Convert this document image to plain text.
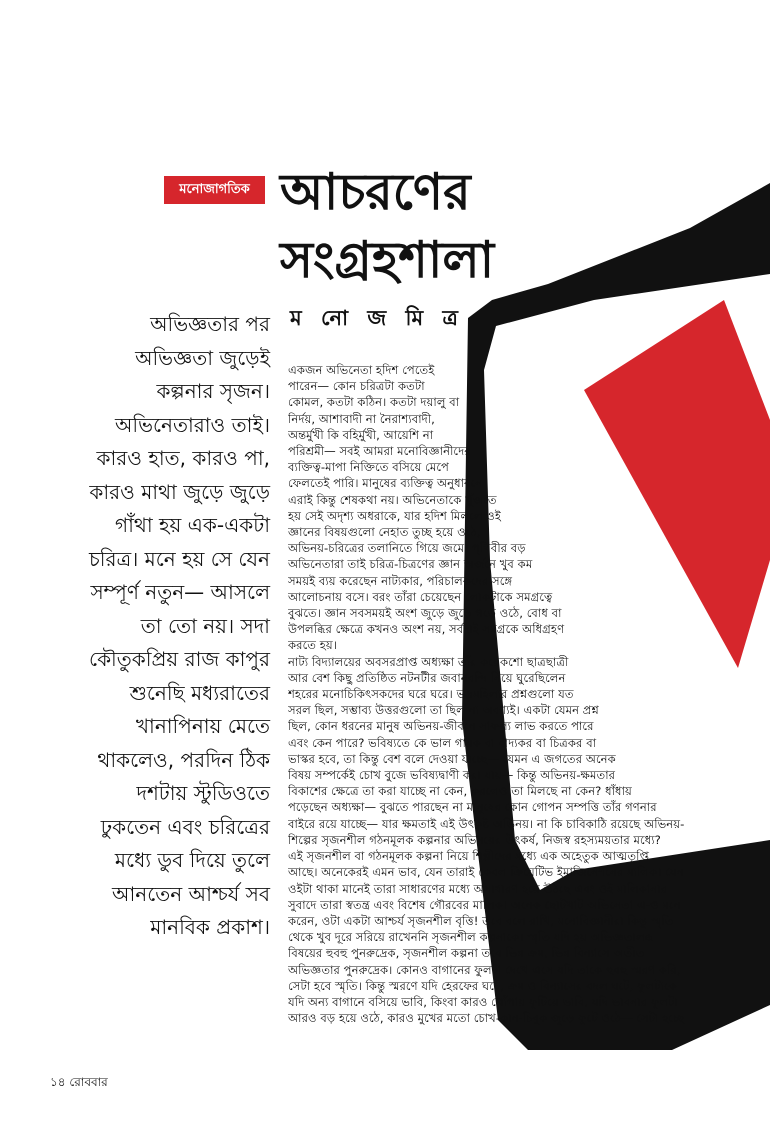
মনোজাগতিক আচরণের
সংগ্রহশালা
ম নো জ মি ত্র
অভিজ্ঞতার পর
অভিজ্ঞতা জুড়েই
কল্পনার সৃজন।
অভিনেতারাও তাই।
কারও হাত, কারও পা,
কারও মাথা জুড়ে জুড়ে
গাঁথা হয় এক-একটা
চরিত্র। মনে হয় সে যেন
সম্পূর্ণ নতুন— আসলে
তা তো নয়। সদা
কৌতুকপ্রিয় রাজ কাপুর
শুনেছি মধ্যরাতের
খানাপিনায় মেতে
থাকলেও, পরদিন ঠিক
দশটায় স্টুডিওতে
ঢুকতেন এবং চরিত্রের
মধ্যে ডুব দিয়ে তুলে
আনতেন আশ্চর্য সব
মানবিক প্রকাশ।
একজন অভিনেতা হদিশ পেতেই
পারেন— কোন চরিত্রটা কতটা
কোমল, কতটা কঠিন। কতটা দয়ালু বা
নির্দয়, আশাবাদী না নৈরাশ্যবাদী,
অন্তর্মুখী কি বহির্মুখী, আয়েশি না
পরিশ্রমী— সবই আমরা মনোবিজ্ঞানীদের
ব্যক্তিত্ব-মাপা নিক্তিতে বসিয়ে মেপে
ফেলতেই পারি। মানুষের ব্যক্তিত্ব অনুধাবনে
এরাই কিন্তু শেষকথা নয়। অভিনেতাকে খুঁজতে
হয় সেই অদৃশ্য অধরাকে, যার হদিশ মিললে ওই
জ্ঞানের বিষয়গুলো নেহাত তুচ্ছ হয়ে ওঠে,
অভিনয়-চরিত্রের তলানিতে গিয়ে জমে। পৃথিবীর বড়
অভিনেতারা তাই চরিত্র-চিত্রণের জ্ঞান অর্জনে খুব কম
সময়ই ব্যয় করেছেন নাট্যকার, পরিচালকদের সঙ্গে
আলোচনায় বসে। বরং তাঁরা চেয়েছেন লোকটাকে সমগ্রত্বে
বুঝতে। জ্ঞান সবসময়ই অংশ জুড়ে জুড়ে গড়ে ওঠে, বোধ বা
উপলব্ধির ক্ষেত্রে কখনও অংশ নয়, সর্বদাই সমগ্রকে অধিগ্রহণ
করতে হয়।
নাট্য বিদ্যালয়ের অবসরপ্রাপ্ত অধ্যক্ষা তাঁর কয়েকশো ছাত্রছাত্রী
আর বেশ কিছু প্রতিষ্ঠিত নটনটীর জবানবন্দি নিয়ে ঘুরেছিলেন
শহরের মনোচিকিৎসকদের ঘরে ঘরে। ভদ্রমহিলার প্রশ্নগুলো যত
সরল ছিল, সম্ভাব্য উত্তরগুলো তা ছিল না অবশ্যই। একটা যেমন প্রশ্ন
ছিল, কোন ধরনের মানুষ অভিনয়-জীবনে সাফল্য লাভ করতে পারে
এবং কেন পারে? ভবিষ্যতে কে ভাল গায়ক বা বাদ্যকর বা চিত্রকর বা
ভাস্কর হবে, তা কিন্তু বেশ বলে দেওয়া যাচ্ছে— যেমন এ জগতের অনেক
বিষয় সম্পর্কেই চোখ বুজে ভবিষ্যদ্বাণী করা যায়— কিন্তু অভিনয়-ক্ষমতার
বিকাশের ক্ষেত্রে তা করা যাচ্ছে না কেন, করলেও তা মিলছে না কেন? ধাঁধায়
পড়েছেন অধ্যক্ষা— বুঝতে পারছেন না মানুষের কোন গোপন সম্পত্তি তাঁর গণনার
বাইরে রয়ে যাচ্ছে— যার ক্ষমতাই এই উৎকৃষ্ট অভিনয়। না কি চাবিকাঠি রয়েছে অভিনয়-
শিল্পের সৃজনশীল গঠনমূলক কল্পনার অভিনয়ের উৎকর্ষ, নিজস্ব রহস্যময়তার মধ্যে?
এই সৃজনশীল বা গঠনমূলক কল্পনা নিয়ে শিল্পীদের মধ্যে এক অহেতুক আত্মতৃপ্তি
আছে। অনেকেরই এমন ভাব, যেন তারাই কেবল ক্রিয়েটিভ ইমাজিনেশনের মালিক। যেন
ওইটা থাকা মানেই তারা সাধারণের মধ্যে অসাধারণ হয়ে উঠছে এবং ওই মালিকানার
সুবাদে তারা স্বতন্ত্র এবং বিশেষ গৌরবের মালিক। অনেক ছোটখাট অভিনেতা এ-ও মনে
করেন, ওটা একটা আশ্চর্য সৃজনশীল বৃত্তি! তবে বলে রাখি, মনোবিজ্ঞানীরা কিন্তু স্মৃতি
থেকে খুব দূরে সরিয়ে রাখেননি সৃজনশীল কল্পনাকে। স্মৃতি যদি হয় অভিজ্ঞতালব্ধ
বিষয়ের হুবহু পুনরুদ্রেক, সৃজনশীল কল্পনা তবে ভিন্ন ক্রম, ভিন্ন বিন্যাসে অতীত
অভিজ্ঞতার পুনরুদ্রেক। কোনও বাগানের ফুলটা দেখে এসে যদি তাকে হুবহু স্মরণ করি,
সেটা হবে স্মৃতি। কিন্তু স্মরণে যদি হেরফের ঘটে, ক্রম ও বিন্যাসের বদল ঘটে, ফুলটাকে
যদি অন্য বাগানে বসিয়ে ভাবি, কিংবা কারও খোঁপায় ফুটিয়ে ভাবি, যদি ভাবনার ফুলটা
আরও বড় হয়ে ওঠে, কারও মুখের মতো চোখ-কান-চিবুক জুড়ে ফুটে ওঠে— সেটা হচ্ছে
১৪ রোববার
